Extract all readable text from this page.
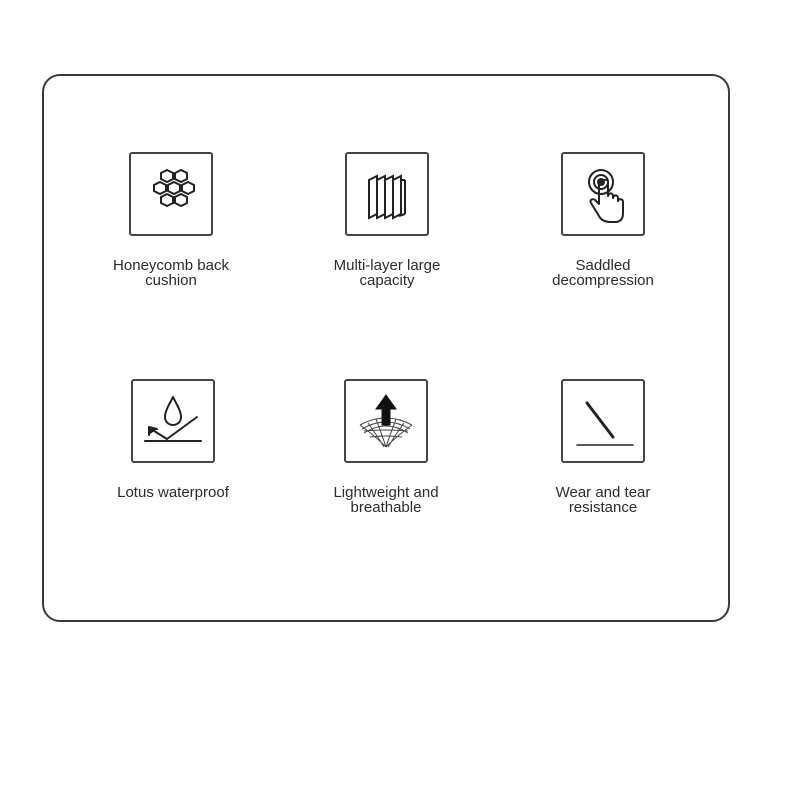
Honeycomb back
cushion
Multi-layer large
capacity
Saddled
decompression
Lotus waterproof	Lightweight and
breathable
Wear and tear
resistance
